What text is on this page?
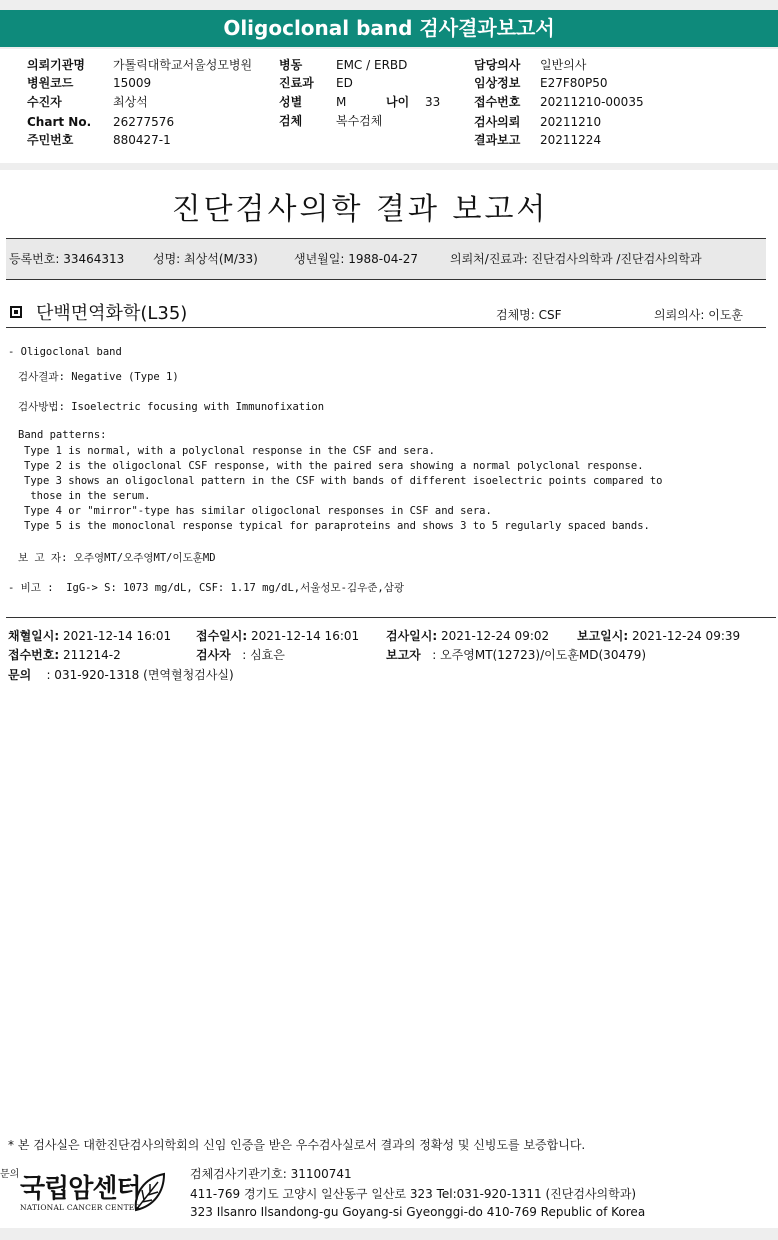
Oligoclonal band 검사결과보고서
의뢰기관명 가톨릭대학교서울성모병원 병동	EMC / ERBD	담당의사 일반의사
병원코드	15009	진료과 ED	임상정보 E27F80P50
수진자	최상석	성별	M	나이 33	접수번호 20211210-00035
Chart No. 26277576	검체	복수검체	검사의뢰 20211210
주민번호	880427-1	결과보고 20211224
진단검사의학 결과 보고서
등록번호: 33464313 성명: 최상석(M/33)	생년월일: 1988-04-27	의뢰처/진료과: 진단검사의학과 /진단검사의학과
단백면역화학(L35)	검체명: CSF	의뢰의사: 이도훈
- Oligoclonal band
검사결과: Negative (Type 1)
검사방법: Isoelectric focusing with Immunofixation
Band patterns:
Type 1 is normal, with a polyclonal response in the CSF and sera.
Type 2 is the oligoclonal CSF response, with the paired sera showing a normal polyclonal response.
Type 3 shows an oligoclonal pattern in the CSF with bands of different isoelectric points compared to
those in the serum.
Type 4 or "mirror"-type has similar oligoclonal responses in CSF and sera.
Type 5 is the monoclonal response typical for paraproteins and shows 3 to 5 regularly spaced bands.
보 고 자: 오주영MT/오주영MT/이도훈MD
- 비고 :  IgG-> S: 1073 mg/dL, CSF: 1.17 mg/dL,서울성모-김우준,삼광
채혈일시: 2021-12-14 16:01 접수일시: 2021-12-14 16:01 검사일시: 2021-12-24 09:02 보고일시: 2021-12-24 09:39
접수번호: 211214-2	검사자 : 심효은	보고자 : 오주영MT(12723)/이도훈MD(30479)
문의 : 031-920-1318 (면역혈청검사실)
* 본 검사실은 대한진단검사의학회의 신임 인증을 받은 우수검사실로서 결과의 정확성 및 신빙도를 보증합니다.
문의 국립암센터
NATIONAL CANCER CENTER
검체검사기관기호: 31100741
411-769 경기도 고양시 일산동구 일산로 323 Tel:031-920-1311 (진단검사의학과)
323 Ilsanro Ilsandong-gu Goyang-si Gyeonggi-do 410-769 Republic of Korea
